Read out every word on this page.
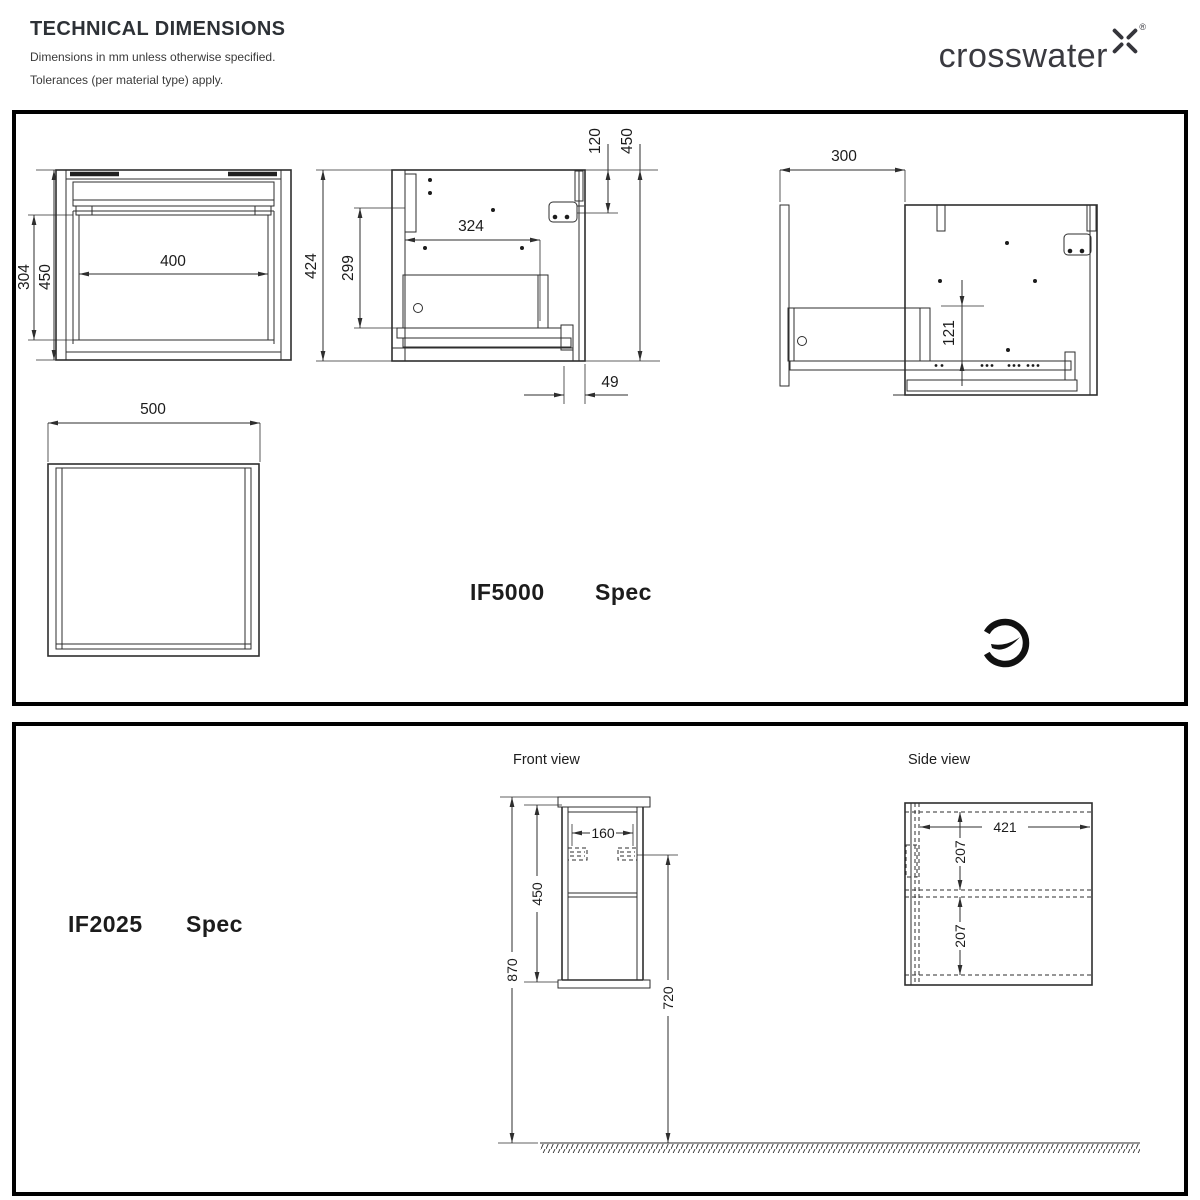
TECHNICAL DIMENSIONS
Dimensions in mm unless otherwise specified.
Tolerances (per material type) apply.
crosswater
®
400
304 450	424 299
324
120 450
49
300
121
500
IF5000 Spec
Front view	Side view
160
450
870
720
421
207
207
IF2025 Spec
